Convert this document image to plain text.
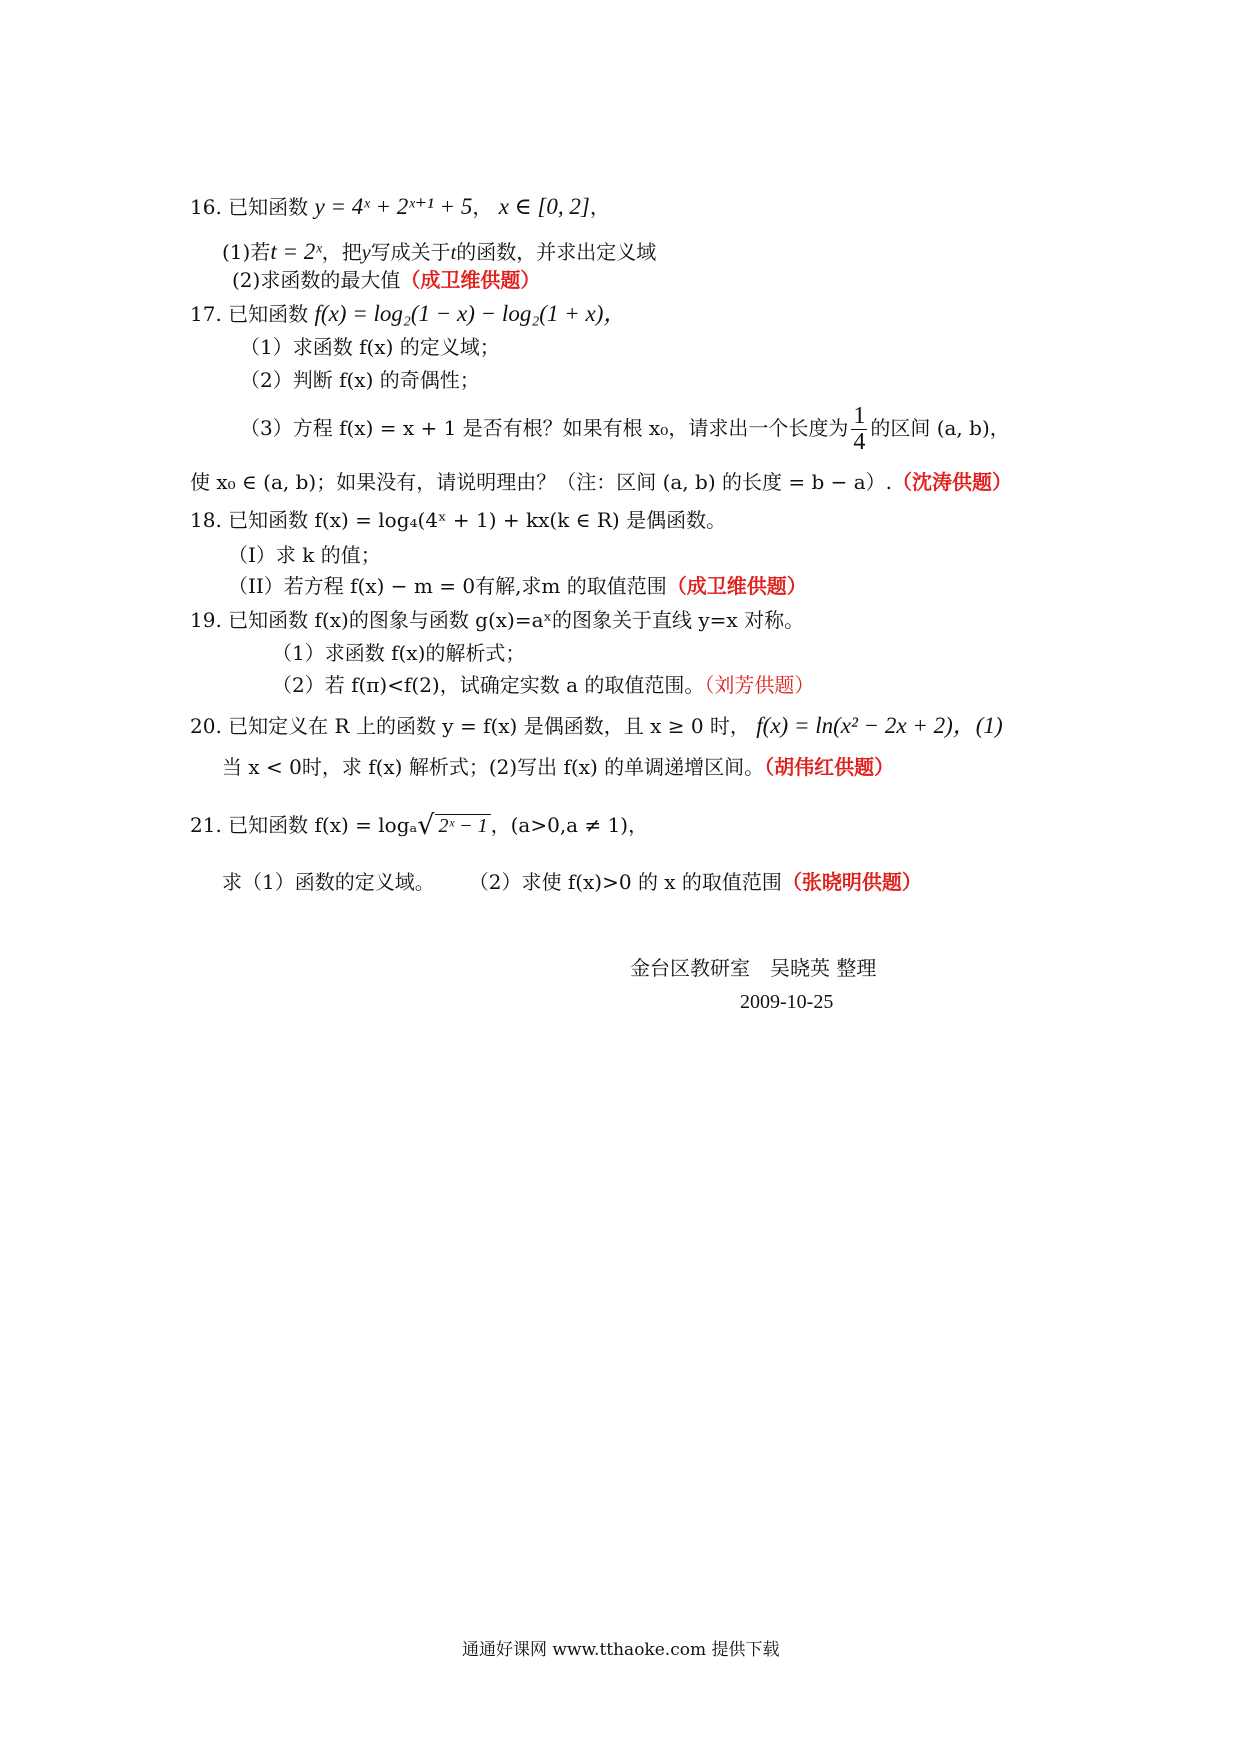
16. 已知函数 y = 4ˣ + 2ˣ⁺¹ + 5， x ∈ [0, 2]，
(1)若t = 2ˣ，把y写成关于t的函数，并求出定义域
(2)求函数的最大值（成卫维供题）
17. 已知函数 f(x) = log₂(1 − x) − log₂(1 + x)，
（1）求函数 f(x) 的定义域；
（2）判断 f(x) 的奇偶性；
（3）方程 f(x) = x + 1 是否有根？如果有根 x₀，请求出一个长度为 $\frac{1}{4}$ 的区间 (a, b)，
使 x₀ ∈ (a, b)；如果没有，请说明理由？（注：区间 (a, b) 的长度 = b − a）.（沈涛供题）
18. 已知函数 f(x) = log₄(4ˣ + 1) + kx(k ∈ R) 是偶函数。
（I）求 k 的值；
（II）若方程 f(x) − m = 0有解,求m 的取值范围（成卫维供题）
19. 已知函数 f(x)的图象与函数 g(x)=aˣ的图象关于直线 y=x 对称。
（1）求函数 f(x)的解析式；
（2）若 f(π)<f(2)，试确定实数 a 的取值范围。（刘芳供题）
20. 已知定义在 R 上的函数 y = f(x) 是偶函数，且 x ≥ 0 时， f(x) = ln(x² − 2x + 2)，(1)
当 x < 0时，求 f(x) 解析式；(2)写出 f(x) 的单调递增区间。（胡伟红供题）
21. 已知函数 f(x) = logₐ√ 2ˣ − 1 ，(a>0,a ≠ 1)，
求（1）函数的定义域。 （2）求使 f(x)>0 的 x 的取值范围（张晓明供题）
金台区教研室　吴晓英 整理
2009-10-25
通通好课网 www.tthaoke.com 提供下载
